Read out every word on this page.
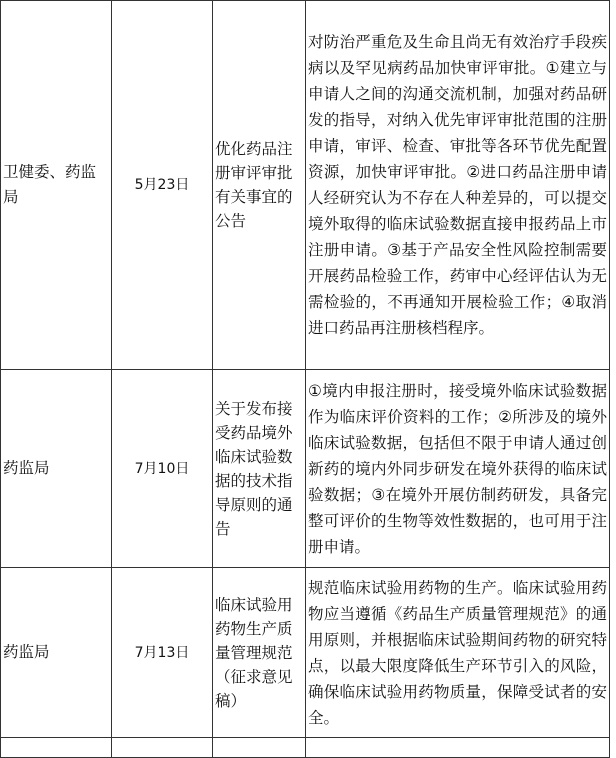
卫健委、药监局	5月23日	优化药品注册审评审批有关事宜的公告	对防治严重危及生命且尚无有效治疗手段疾病以及罕见病药品加快审评审批。①建立与申请人之间的沟通交流机制，加强对药品研发的指导，对纳入优先审评审批范围的注册申请，审评、检查、审批等各环节优先配置资源，加快审评审批。②进口药品注册申请人经研究认为不存在人种差异的，可以提交境外取得的临床试验数据直接申报药品上市注册申请。③基于产品安全性风险控制需要开展药品检验工作，药审中心经评估认为无需检验的，不再通知开展检验工作；④取消进口药品再注册核档程序。
药监局	7月10日	关于发布接受药品境外临床试验数据的技术指导原则的通告	①境内申报注册时，接受境外临床试验数据作为临床评价资料的工作；②所涉及的境外临床试验数据，包括但不限于申请人通过创新药的境内外同步研发在境外获得的临床试验数据；③在境外开展仿制药研发，具备完整可评价的生物等效性数据的，也可用于注册申请。
药监局	7月13日	临床试验用药物生产质量管理规范（征求意见稿）	规范临床试验用药物的生产。临床试验用药物应当遵循《药品生产质量管理规范》的通用原则，并根据临床试验期间药物的研究特点，以最大限度降低生产环节引入的风险，确保临床试验用药物质量，保障受试者的安全。
